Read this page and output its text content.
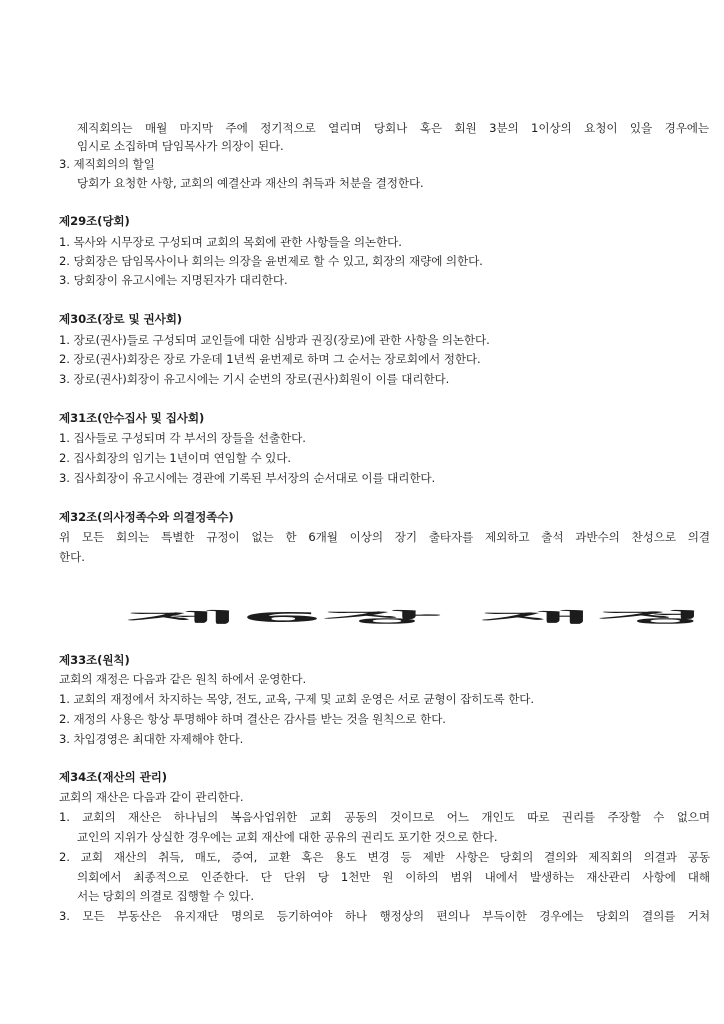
제직회의는 매월 마지막 주에 정기적으로 열리며 당회나 혹은 회원 3분의 1이상의 요청이 있을 경우에는
임시로 소집하며 담임목사가 의장이 된다.
3. 제직회의의 할일
당회가 요청한 사항, 교회의 예결산과 재산의 취득과 처분을 결정한다.
제29조(당회)
1. 목사와 시무장로 구성되며 교회의 목회에 관한 사항들을 의논한다.
2. 당회장은 담임목사이나 회의는 의장을 윤번제로 할 수 있고, 회장의 재량에 의한다.
3. 당회장이 유고시에는 지명된자가 대리한다.
제30조(장로 및 권사회)
1. 장로(권사)들로 구성되며 교인들에 대한 심방과 권징(장로)에 관한 사항을 의논한다.
2. 장로(권사)회장은 장로 가운데 1년씩 윤번제로 하며 그 순서는 장로회에서 정한다.
3. 장로(권사)회장이 유고시에는 기시 순번의 장로(권사)회원이 이를 대리한다.
제31조(안수집사 및 집사회)
1. 집사들로 구성되며 각 부서의 장들을 선출한다.
2. 집사회장의 임기는 1년이며 연임할 수 있다.
3. 집사회장이 유고시에는 경관에 기록된 부서장의 순서대로 이를 대리한다.
제32조(의사정족수와 의결정족수)
위 모든 회의는 특별한 규정이 없는 한 6개월 이상의 장기 출타자를 제외하고 출석 과반수의 찬성으로 의결
한다.
제6장 재정
제33조(원칙)
교회의 재정은 다음과 같은 원칙 하에서 운영한다.
1. 교회의 재정에서 차지하는 목양, 전도, 교육, 구제 및 교회 운영은 서로 균형이 잡히도록 한다.
2. 재정의 사용은 항상 투명해야 하며 결산은 감사를 받는 것을 원칙으로 한다.
3. 차입경영은 최대한 자제해야 한다.
제34조(재산의 관리)
교회의 재산은 다음과 같이 관리한다.
1. 교회의 재산은 하나님의 복음사업위한 교회 공동의 것이므로 어느 개인도 따로 권리를 주장할 수 없으며
교인의 지위가 상실한 경우에는 교회 재산에 대한 공유의 권리도 포기한 것으로 한다.
2. 교회 재산의 취득, 매도, 증여, 교환 혹은 용도 변경 등 제반 사항은 당회의 결의와 제직회의 의결과 공동
의회에서 최종적으로 인준한다. 단 단위 당 1천만 원 이하의 범위 내에서 발생하는 재산관리 사항에 대해
서는 당회의 의결로 집행할 수 있다.
3. 모든 부동산은 유지재단 명의로 등기하여야 하나 행정상의 편의나 부득이한 경우에는 당회의 결의를 거쳐
